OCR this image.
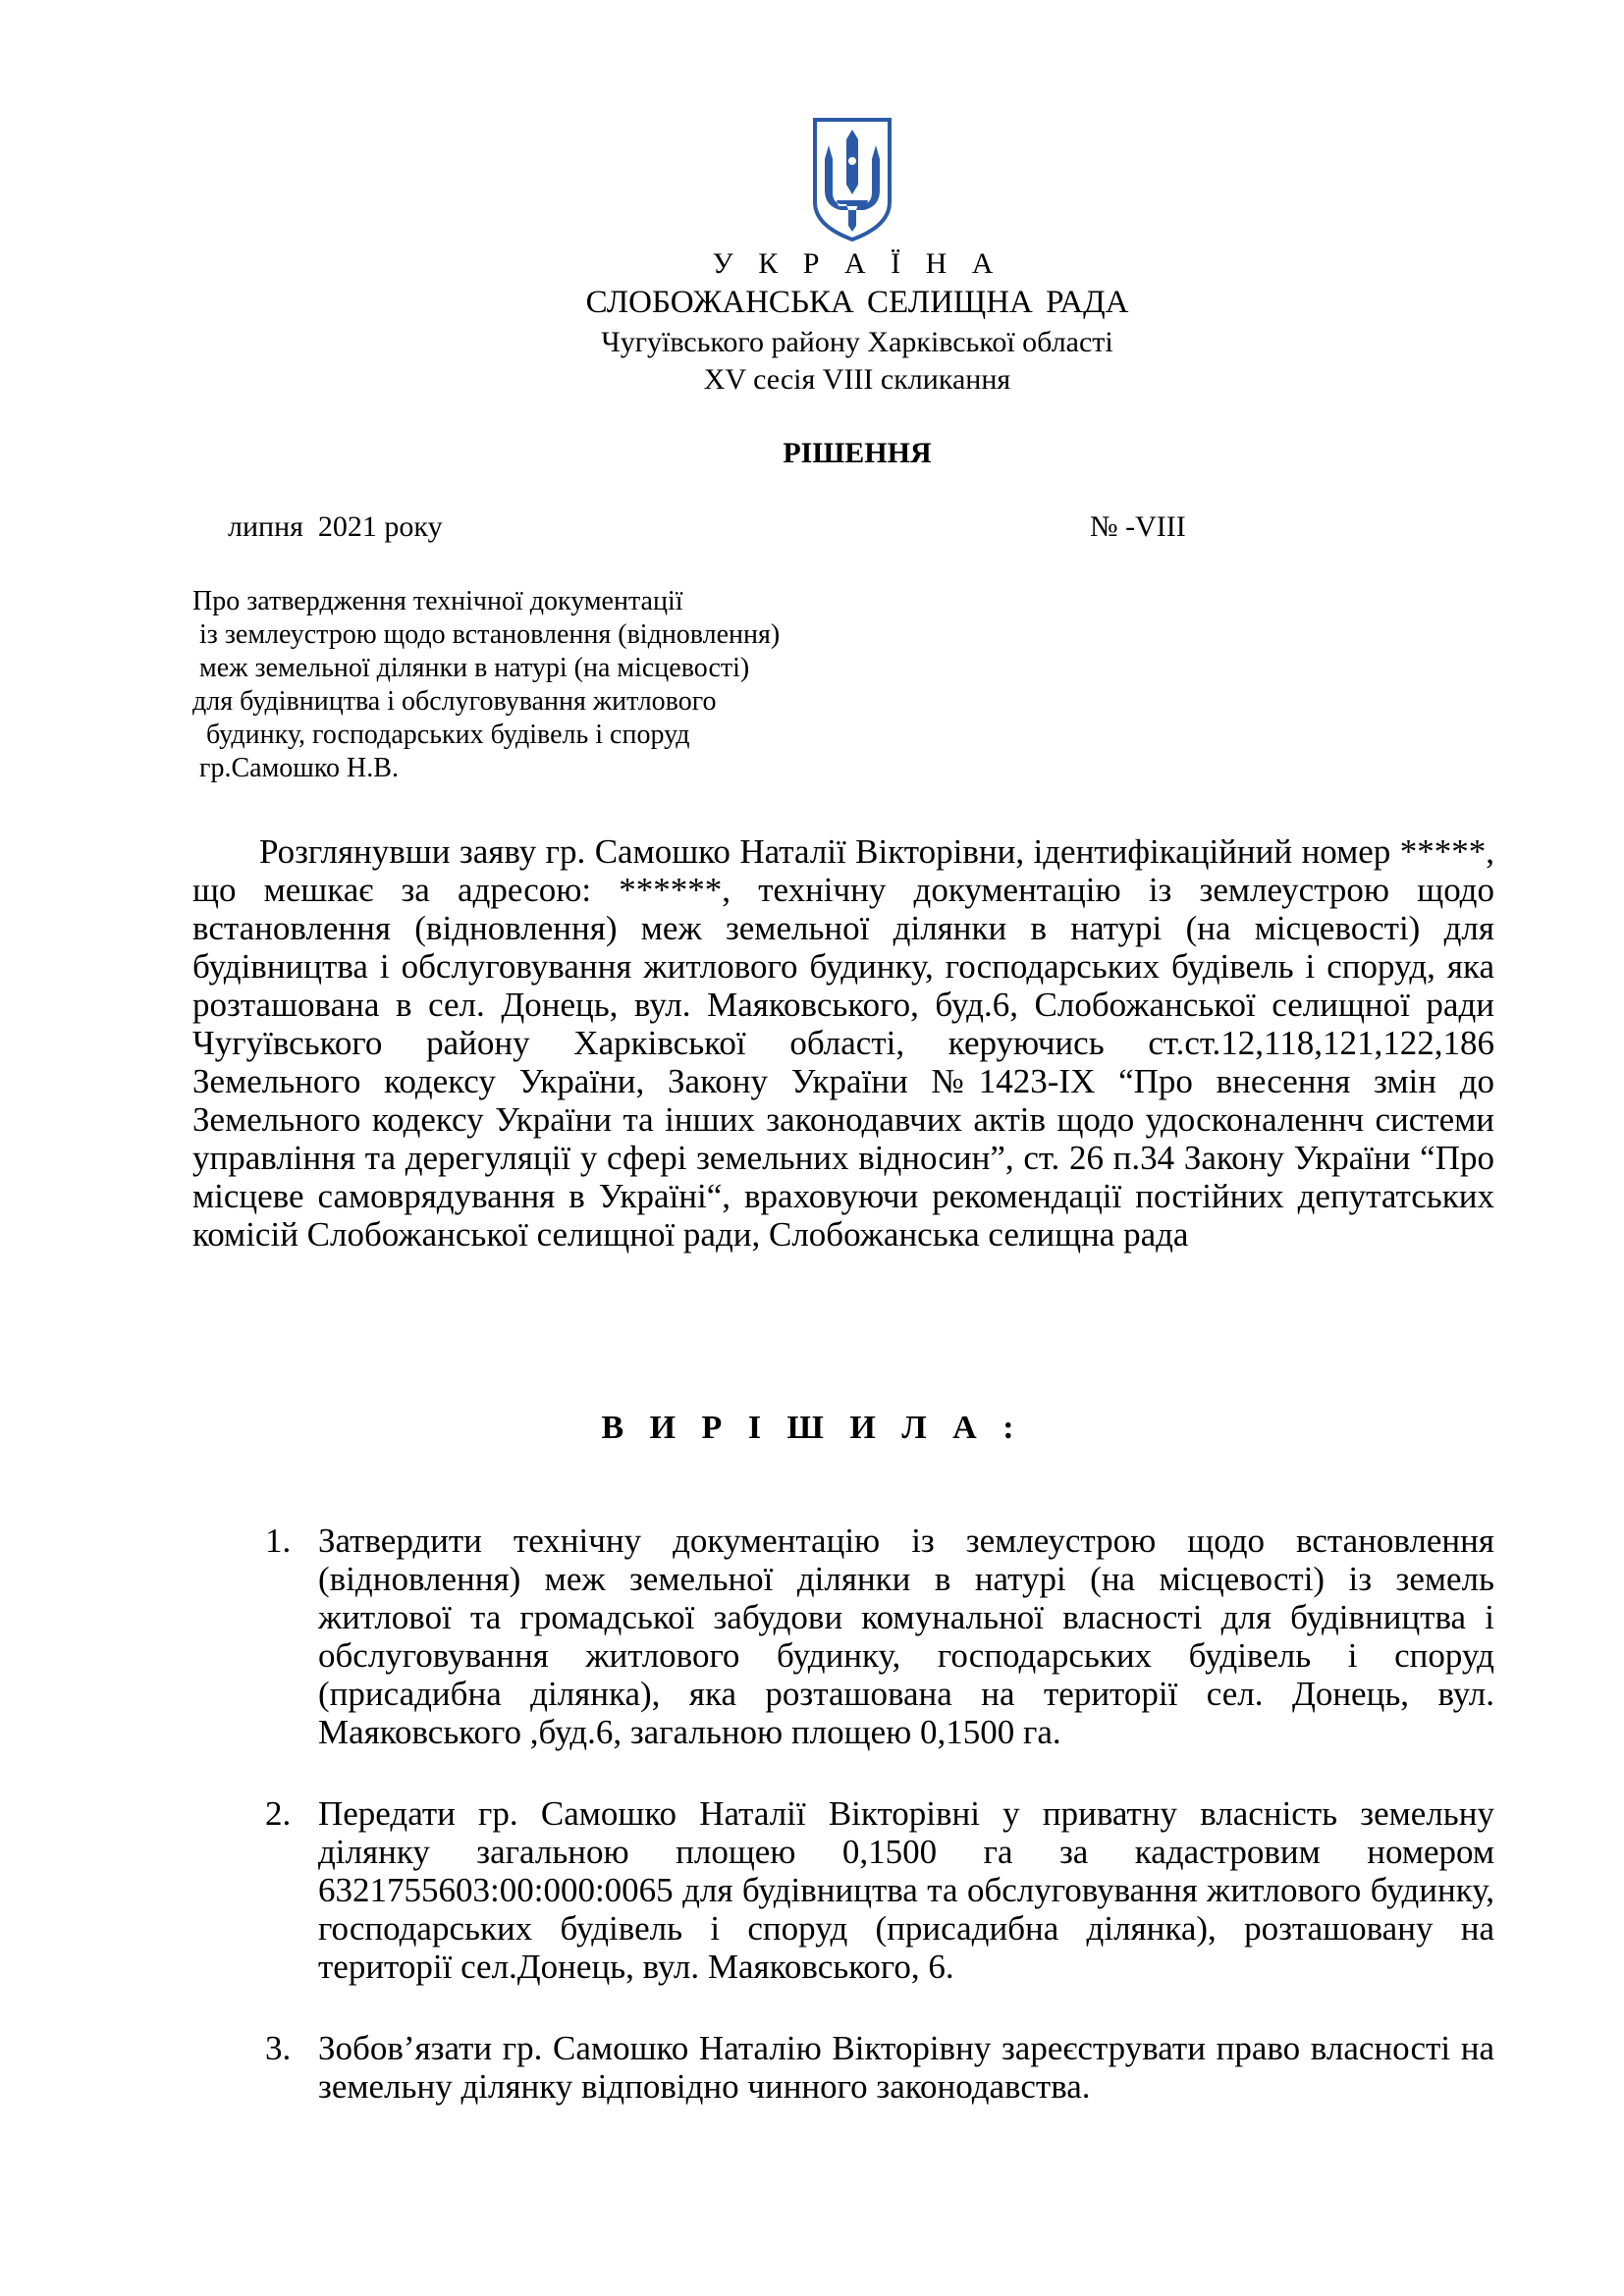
У К Р А Ї Н А
СЛОБОЖАНСЬКА СЕЛИЩНА РАДА
Чугуївського району Харківської області
XV сесія VIII скликання
РІШЕННЯ
липня  2021 року	№ -VIII
Про затвердження технічної документації
із землеустрою щодо встановлення (відновлення)
меж земельної ділянки в натурі (на місцевості)
для будівництва і обслуговування житлового
будинку, господарських будівель і споруд
гр.Самошко Н.В.

Розглянувши заяву гр. Самошко Наталії Вікторівни, ідентифікаційний номер *****, що мешкає за адресою: ******, технічну документацію із землеустрою щодо встановлення (відновлення) меж земельної ділянки в натурі (на місцевості) для будівництва і обслуговування житлового будинку, господарських будівель і споруд, яка розташована в сел. Донець, вул. Маяковського, буд.6, Слобожанської селищної ради Чугуївського району Харківської області, керуючись ст.ст.12,118,121,122,186 Земельного кодексу України, Закону України №1423-IX “Про внесення змін до Земельного кодексу України та інших законодавчих актів щодо удосконаленнч системи управління та дерегуляції у сфері земельних відносин”, ст. 26 п.34 Закону України “Про місцеве самоврядування в Україні“, враховуючи рекомендації постійних депутатських комісій Слобожанської селищної ради, Слобожанська селищна рада

В И Р І Ш И Л А :
1. Затвердити технічну документацію із землеустрою щодо встановлення (відновлення) меж земельної ділянки в натурі (на місцевості) із земель житлової та громадської забудови комунальної власності для будівництва і обслуговування житлового будинку, господарських будівель і споруд (присадибна ділянка), яка розташована на території сел. Донець, вул. Маяковського ,буд.6, загальною площею 0,1500 га.
2. Передати гр. Самошко Наталії Вікторівні у приватну власність земельну ділянку загальною площею 0,1500 га за кадастровим номером 6321755603:00:000:0065 для будівництва та обслуговування житлового будинку, господарських будівель і споруд (присадибна ділянка), розташовану на території сел.Донець, вул. Маяковського, 6.
3. Зобов’язати гр. Самошко Наталію Вікторівну зареєструвати право власності на земельну ділянку відповідно чинного законодавства.
